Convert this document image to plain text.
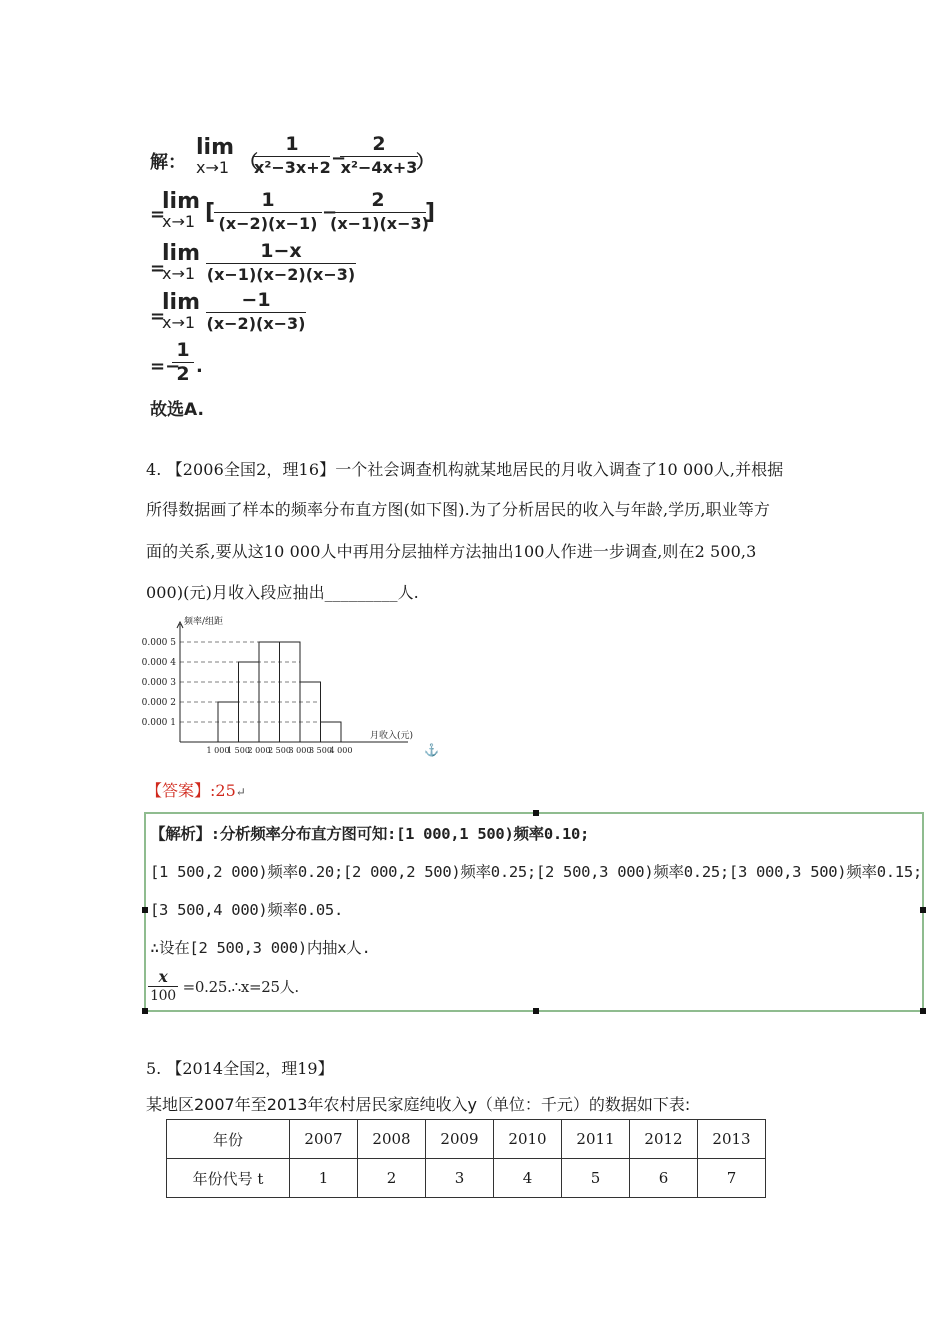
解：
lim
x→1 （
1
x²−3x+2 −
2
x²−4x+3
）
=
lim
x→1 [	1
(x−2)(x−1)
−
2
(x−1)(x−3)
]
=
lim
x→1
1−x
(x−1)(x−2)(x−3)
=
lim
x→1
−1
(x−2)(x−3)
=−
1
2 .
故选A.
4. 【2006全国2，理16】一个社会调查机构就某地居民的月收入调查了10 000人,并根据
所得数据画了样本的频率分布直方图(如下图).为了分析居民的收入与年龄,学历,职业等方
面的关系,要从这10 000人中再用分层抽样方法抽出100人作进一步调查,则在2 500,3
000)(元)月收入段应抽出_________人.
0.000 1
0.000 2
0.000 3
0.000 4
0.000 5
频率/组距
月收入(元)
1 000
1 500
2 000
2 500
3 000
3 500
4 000	⚓
【答案】:25↵
【解析】:分析频率分布直方图可知:[1 000,1 500)频率0.10;
[1 500,2 000)频率0.20;[2 000,2 500)频率0.25;[2 500,3 000)频率0.25;[3 000,3 500)频率0.15;
[3 500,4 000)频率0.05.
∴设在[2 500,3 000)内抽x人.
$\frac{x}{100}$ =0.25.∴x=25人.
5. 【2014全国2，理19】
某地区2007年至2013年农村居民家庭纯收入y（单位：千元）的数据如下表:
年份	2007	2008	2009	2010	2011	2012	2013
年份代号 t	1	2	3	4	5	6	7
